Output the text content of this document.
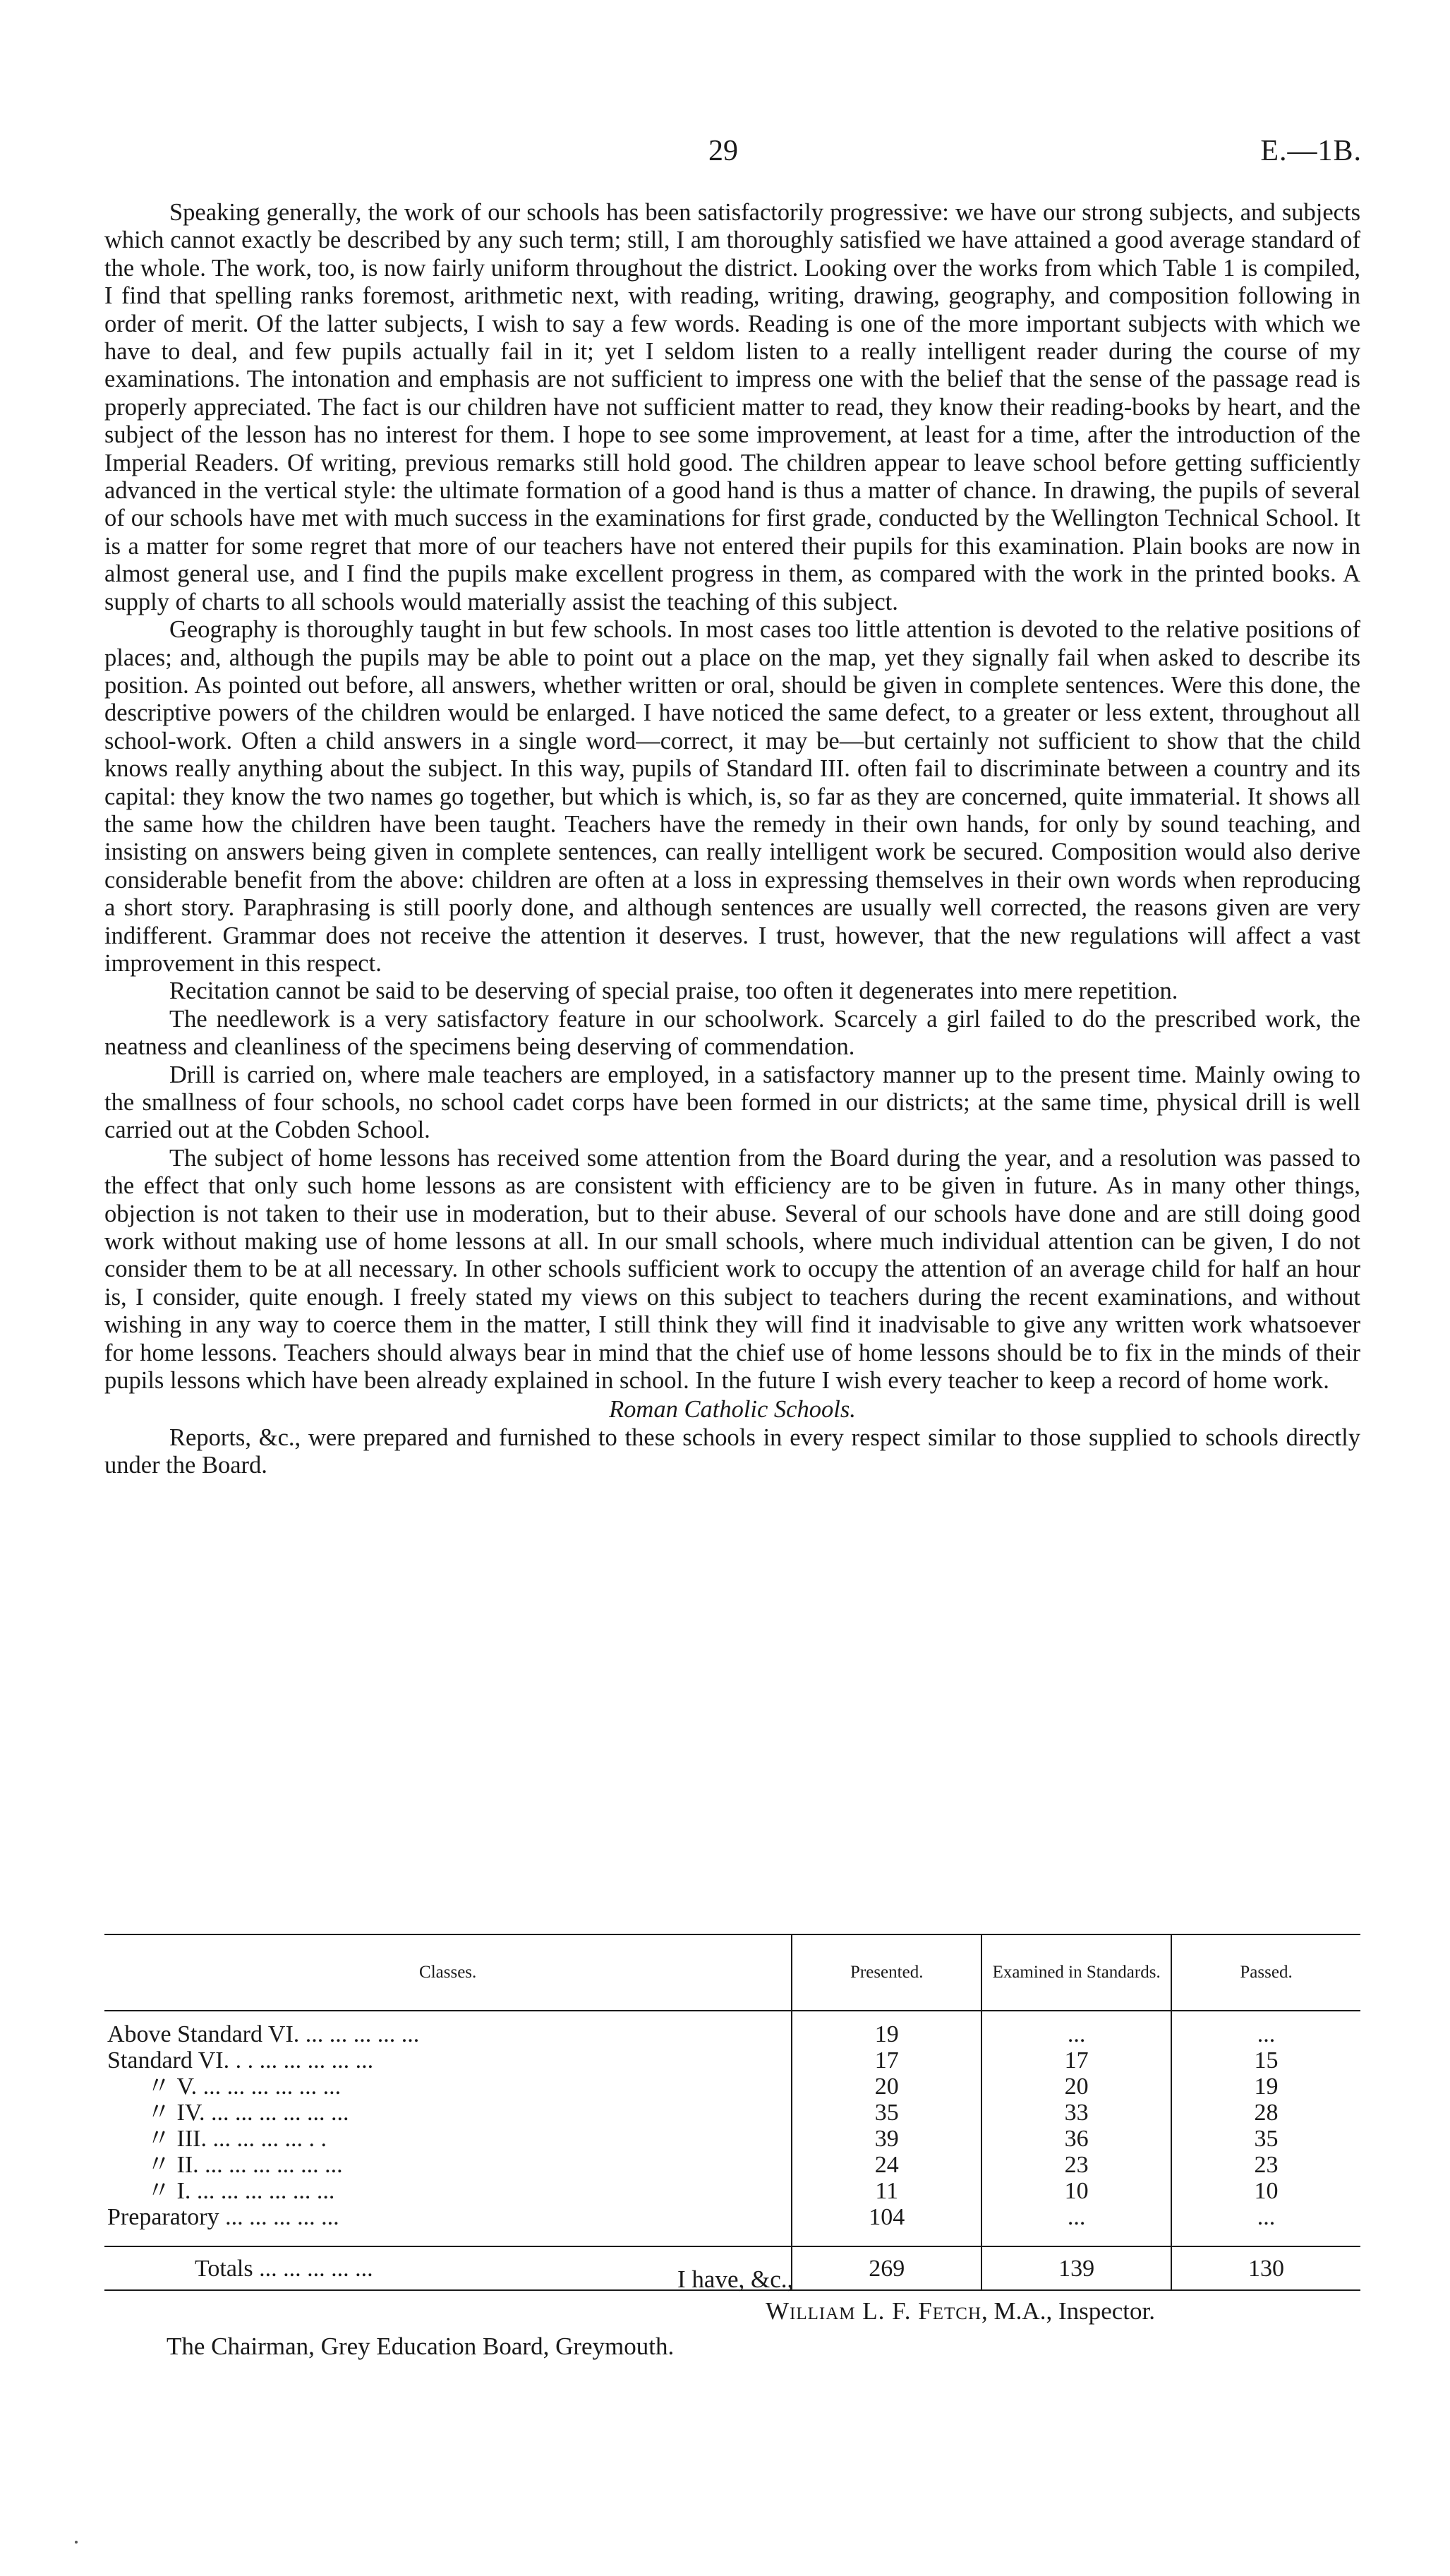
29	E.—1B.

Speaking generally, the work of our schools has been satisfactorily progressive: we have our strong subjects, and subjects which cannot exactly be described by any such term; still, I am thoroughly satisfied we have attained a good average standard of the whole. The work, too, is now fairly uniform throughout the district. Looking over the works from which Table 1 is compiled, I find that spelling ranks foremost, arithmetic next, with reading, writing, drawing, geography, and composition following in order of merit. Of the latter subjects, I wish to say a few words. Reading is one of the more important subjects with which we have to deal, and few pupils actually fail in it; yet I seldom listen to a really intelligent reader during the course of my examinations. The intonation and emphasis are not sufficient to impress one with the belief that the sense of the passage read is properly appreciated. The fact is our children have not sufficient matter to read, they know their reading-books by heart, and the subject of the lesson has no interest for them. I hope to see some improvement, at least for a time, after the introduction of the Imperial Readers. Of writing, previous remarks still hold good. The children appear to leave school before getting sufficiently advanced in the vertical style: the ultimate formation of a good hand is thus a matter of chance. In drawing, the pupils of several of our schools have met with much success in the examinations for first grade, conducted by the Wellington Technical School. It is a matter for some regret that more of our teachers have not entered their pupils for this examination. Plain books are now in almost general use, and I find the pupils make excellent progress in them, as compared with the work in the printed books. A supply of charts to all schools would materially assist the teaching of this subject.

Geography is thoroughly taught in but few schools. In most cases too little attention is devoted to the relative positions of places; and, although the pupils may be able to point out a place on the map, yet they signally fail when asked to describe its position. As pointed out before, all answers, whether written or oral, should be given in complete sentences. Were this done, the descriptive powers of the children would be enlarged. I have noticed the same defect, to a greater or less extent, throughout all school-work. Often a child answers in a single word—correct, it may be—but certainly not sufficient to show that the child knows really anything about the subject. In this way, pupils of Standard III. often fail to discriminate between a country and its capital: they know the two names go together, but which is which, is, so far as they are concerned, quite immaterial. It shows all the same how the children have been taught. Teachers have the remedy in their own hands, for only by sound teaching, and insisting on answers being given in complete sentences, can really intelligent work be secured. Composition would also derive considerable benefit from the above: children are often at a loss in expressing themselves in their own words when reproducing a short story. Paraphrasing is still poorly done, and although sentences are usually well corrected, the reasons given are very indifferent. Grammar does not receive the attention it deserves. I trust, however, that the new regulations will affect a vast improvement in this respect.

Recitation cannot be said to be deserving of special praise, too often it degenerates into mere repetition.

The needlework is a very satisfactory feature in our schoolwork. Scarcely a girl failed to do the prescribed work, the neatness and cleanliness of the specimens being deserving of commendation.

Drill is carried on, where male teachers are employed, in a satisfactory manner up to the present time. Mainly owing to the smallness of four schools, no school cadet corps have been formed in our districts; at the same time, physical drill is well carried out at the Cobden School.

The subject of home lessons has received some attention from the Board during the year, and a resolution was passed to the effect that only such home lessons as are consistent with efficiency are to be given in future. As in many other things, objection is not taken to their use in moderation, but to their abuse. Several of our schools have done and are still doing good work without making use of home lessons at all. In our small schools, where much individual attention can be given, I do not consider them to be at all necessary. In other schools sufficient work to occupy the attention of an average child for half an hour is, I consider, quite enough. I freely stated my views on this subject to teachers during the recent examinations, and without wishing in any way to coerce them in the matter, I still think they will find it inadvisable to give any written work whatsoever for home lessons. Teachers should always bear in mind that the chief use of home lessons should be to fix in the minds of their pupils lessons which have been already explained in school. In the future I wish every teacher to keep a record of home work.

Roman Catholic Schools.

Reports, &c., were prepared and furnished to these schools in every respect similar to those supplied to schools directly under the Board.

Classes.	Presented.	Examined in Standards.	Passed.
Above Standard VI. ... ... ... ... ...	19	...	...
Standard VI. . . ... ... ... ... ...	17	17	15
〃 V. ... ... ... ... ... ...	20	20	19
〃 IV. ... ... ... ... ... ...	35	33	28
〃 III. ... ... ... ... . .	39	36	35
〃 II. ... ... ... ... ... ...	24	23	23
〃 I. ... ... ... ... ... ...	11	10	10
Preparatory ... ... ... ... ...	104	...	...

Totals ... ... ... ... ...	269	139	130
I have, &c.,
William L. F. Fetch, M.A., Inspector.
The Chairman, Grey Education Board, Greymouth.
